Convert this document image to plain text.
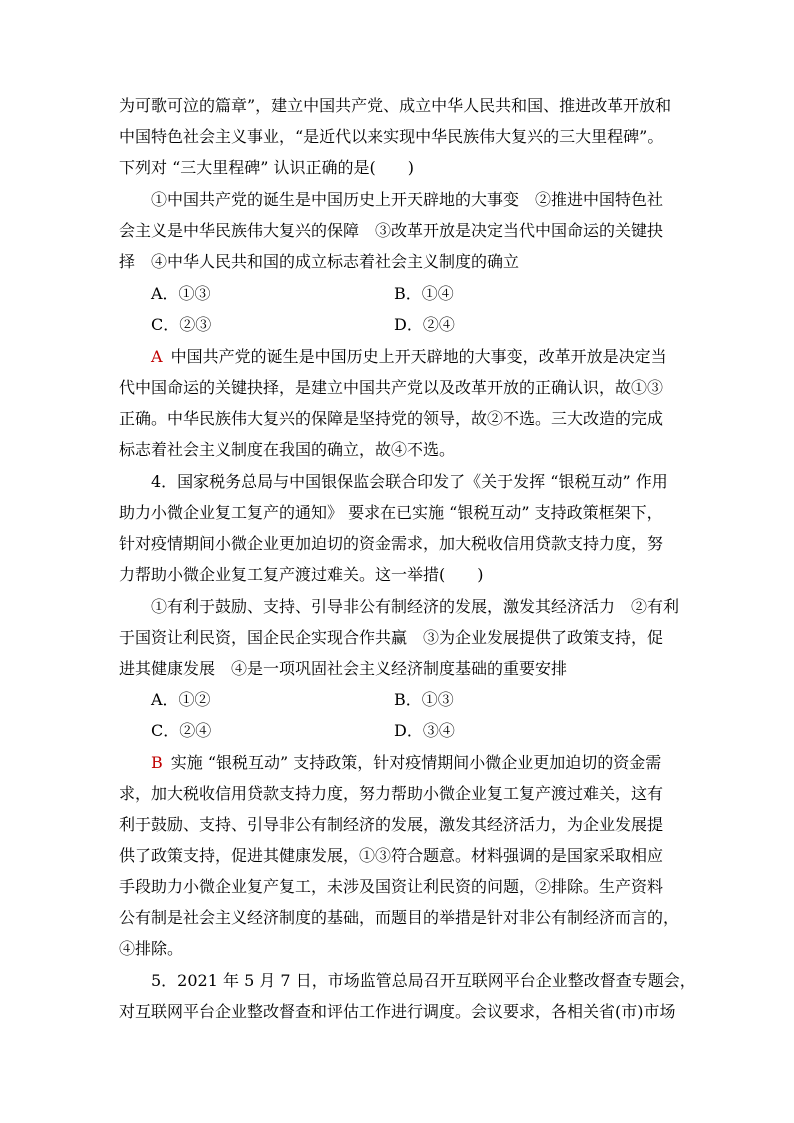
为可歌可泣的篇章”，建立中国共产党、成立中华人民共和国、推进改革开放和
中国特色社会主义事业，“是近代以来实现中华民族伟大复兴的三大里程碑”。
下列对 “三大里程碑” 认识正确的是(　　)
①中国共产党的诞生是中国历史上开天辟地的大事变　②推进中国特色社
会主义是中华民族伟大复兴的保障　③改革开放是决定当代中国命运的关键抉
择　④中华人民共和国的成立标志着社会主义制度的确立
A．①③	B．①④
C．②③	D．②④
A 中国共产党的诞生是中国历史上开天辟地的大事变，改革开放是决定当
代中国命运的关键抉择，是建立中国共产党以及改革开放的正确认识，故①③
正确。中华民族伟大复兴的保障是坚持党的领导，故②不选。三大改造的完成
标志着社会主义制度在我国的确立，故④不选。
4．国家税务总局与中国银保监会联合印发了《关于发挥 “银税互动” 作用
助力小微企业复工复产的通知》 要求在已实施 “银税互动” 支持政策框架下，
针对疫情期间小微企业更加迫切的资金需求，加大税收信用贷款支持力度，努
力帮助小微企业复工复产渡过难关。这一举措(　　)
①有利于鼓励、支持、引导非公有制经济的发展，激发其经济活力　②有利
于国资让利民资，国企民企实现合作共赢　③为企业发展提供了政策支持，促
进其健康发展　④是一项巩固社会主义经济制度基础的重要安排
A．①②	B．①③
C．②④	D．③④
B 实施 “银税互动” 支持政策，针对疫情期间小微企业更加迫切的资金需
求，加大税收信用贷款支持力度，努力帮助小微企业复工复产渡过难关，这有
利于鼓励、支持、引导非公有制经济的发展，激发其经济活力，为企业发展提
供了政策支持，促进其健康发展，①③符合题意。材料强调的是国家采取相应
手段助力小微企业复产复工，未涉及国资让利民资的问题，②排除。生产资料
公有制是社会主义经济制度的基础，而题目的举措是针对非公有制经济而言的，
④排除。
5．2021 年 5 月 7 日，市场监管总局召开互联网平台企业整改督查专题会，
对互联网平台企业整改督查和评估工作进行调度。会议要求，各相关省(市)市场
